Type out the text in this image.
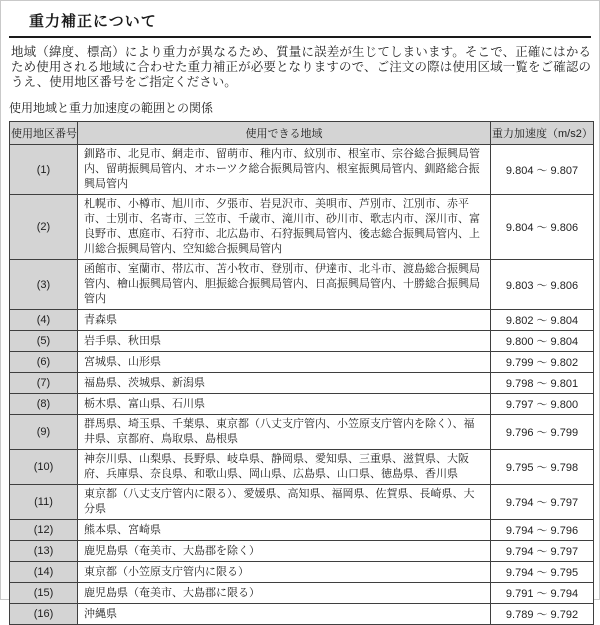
重力補正について

地域（緯度、標高）により重力が異なるため、質量に誤差が生じてしまいます。そこで、正確にはかるため使用される地域に合わせた重力補正が必要となりますので、ご注文の際は使用区域一覧をご確認のうえ、使用地区番号をご指定ください。

使用地域と重力加速度の範囲との関係

使用地区番号	使用できる地域	重力加速度（m/s2）
(1)	釧路市、北見市、網走市、留萌市、稚内市、紋別市、根室市、宗谷総合振興局管内、留萌振興局管内、オホーツク総合振興局管内、根室振興局管内、釧路総合振興局管内	9.804 ～ 9.807
(2)	札幌市、小樽市、旭川市、夕張市、岩見沢市、美唄市、芦別市、江別市、赤平市、士別市、名寄市、三笠市、千歳市、滝川市、砂川市、歌志内市、深川市、富良野市、恵庭市、石狩市、北広島市、石狩振興局管内、後志総合振興局管内、上川総合振興局管内、空知総合振興局管内	9.804 ～ 9.806
(3)	函館市、室蘭市、帯広市、苫小牧市、登別市、伊達市、北斗市、渡島総合振興局管内、檜山振興局管内、胆振総合振興局管内、日高振興局管内、十勝総合振興局管内	9.803 ～ 9.806
(4)	青森県	9.802 ～ 9.804
(5)	岩手県、秋田県	9.800 ～ 9.804
(6)	宮城県、山形県	9.799 ～ 9.802
(7)	福島県、茨城県、新潟県	9.798 ～ 9.801
(8)	栃木県、富山県、石川県	9.797 ～ 9.800
(9)	群馬県、埼玉県、千葉県、東京都（八丈支庁管内、小笠原支庁管内を除く）、福井県、京都府、鳥取県、島根県	9.796 ～ 9.799
(10)	神奈川県、山梨県、長野県、岐阜県、静岡県、愛知県、三重県、滋賀県、大阪府、兵庫県、奈良県、和歌山県、岡山県、広島県、山口県、徳島県、香川県	9.795 ～ 9.798
(11)	東京都（八丈支庁管内に限る）、愛媛県、高知県、福岡県、佐賀県、長崎県、大分県	9.794 ～ 9.797
(12)	熊本県、宮崎県	9.794 ～ 9.796
(13)	鹿児島県（奄美市、大島郡を除く）	9.794 ～ 9.797
(14)	東京都（小笠原支庁管内に限る）	9.794 ～ 9.795
(15)	鹿児島県（奄美市、大島郡に限る）	9.791 ～ 9.794
(16)	沖縄県	9.789 ～ 9.792
